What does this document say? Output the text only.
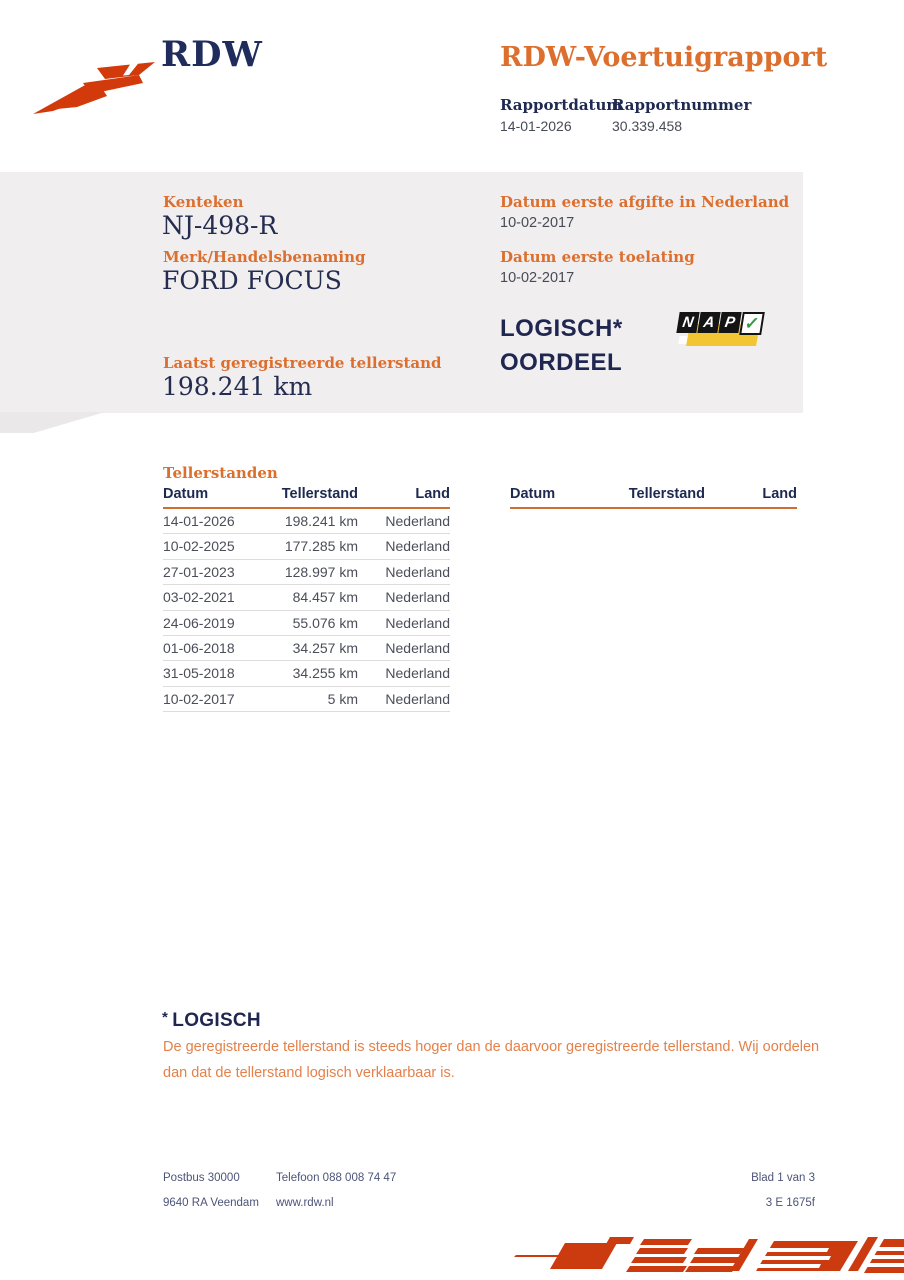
RDW	RDW-Voertuigrapport
Rapportdatum
Rapportnummer
14-01-2026	30.339.458
Kenteken
NJ-498-R
Merk/Handelsbenaming
FORD FOCUS
Datum eerste afgifte in Nederland
10-02-2017
Datum eerste toelating
10-02-2017
LOGISCH*
OORDEEL
N A P ✓
Laatst geregistreerde tellerstand
198.241 km
Tellerstanden
Datum	Tellerstand	Land
14-01-2026	198.241 km	Nederland
10-02-2025	177.285 km	Nederland
27-01-2023	128.997 km	Nederland
03-02-2021	84.457 km	Nederland
24-06-2019	55.076 km	Nederland
01-06-2018	34.257 km	Nederland
31-05-2018	34.255 km	Nederland
10-02-2017	5 km	Nederland
Datum	Tellerstand	Land
* LOGISCH
De geregistreerde tellerstand is steeds hoger dan de daarvoor geregistreerde tellerstand. Wij oordelen dan dat de tellerstand logisch verklaarbaar is.
Postbus 30000
9640 RA Veendam
Telefoon 088 008 74 47
www.rdw.nl
Blad 1 van 3
3 E 1675f
